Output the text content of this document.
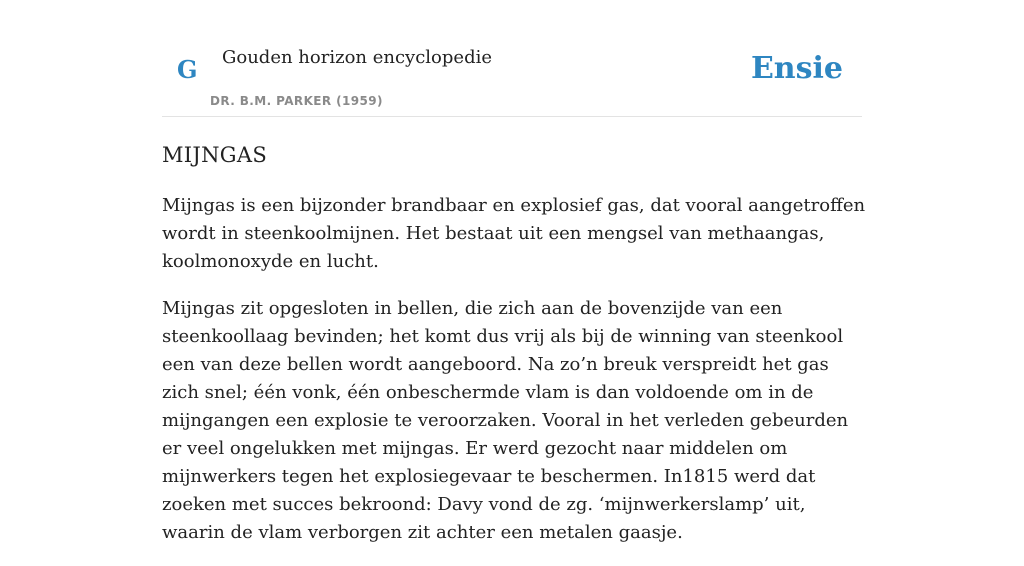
G Gouden horizon encyclopedie
DR. B.M. PARKER (1959)
Ensie
MIJNGAS

Mijngas is een bijzonder brandbaar en explosief gas, dat vooral aangetroffen wordt in steenkoolmijnen. Het bestaat uit een mengsel van methaangas, koolmonoxyde en lucht.

Mijngas zit opgesloten in bellen, die zich aan de bovenzijde van een steenkoollaag bevinden; het komt dus vrij als bij de winning van steenkool een van deze bellen wordt aangeboord. Na zo’n breuk verspreidt het gas zich snel; één vonk, één onbeschermde vlam is dan voldoende om in de mijngangen een explosie te veroorzaken. Vooral in het verleden gebeurden er veel ongelukken met mijngas. Er werd gezocht naar middelen om mijnwerkers tegen het explosiegevaar te beschermen. In1815 werd dat zoeken met succes bekroond: Davy vond de zg. ‘mijnwerkerslamp’ uit, waarin de vlam verborgen zit achter een metalen gaasje.
